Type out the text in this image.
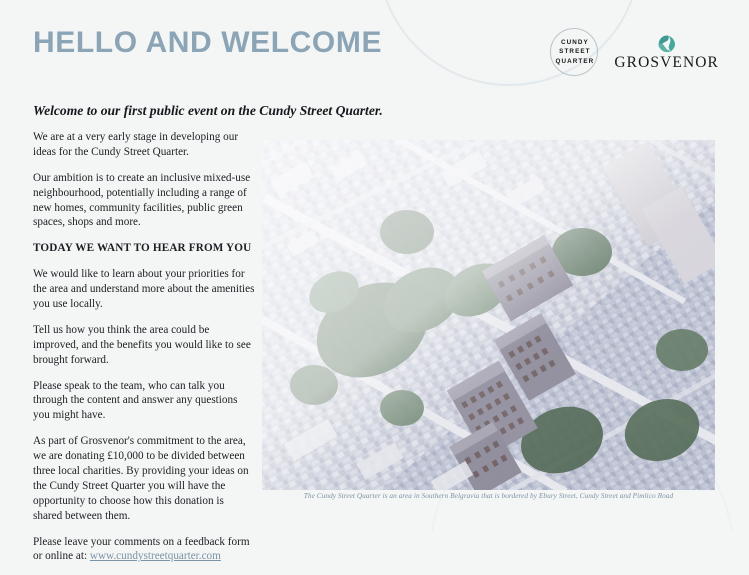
HELLO AND WELCOME	CUNDY
STREET
QUARTER GROSVENOR

Welcome to our first public event on the Cundy Street Quarter.

We are at a very early stage in developing our ideas for the Cundy Street Quarter.

Our ambition is to create an inclusive mixed-use neighbourhood, potentially including a range of new homes, community facilities, public green spaces, shops and more.

TODAY WE WANT TO HEAR FROM YOU

We would like to learn about your priorities for the area and understand more about the amenities you use locally.

Tell us how you think the area could be improved, and the benefits you would like to see brought forward.

Please speak to the team, who can talk you through the content and answer any questions you might have.

As part of Grosvenor's commitment to the area, we are donating £10,000 to be divided between three local charities. By providing your ideas on the Cundy Street Quarter you will have the opportunity to choose how this donation is shared between them.

Please leave your comments on a feedback form or online at: www.cundystreetquarter.com

The Cundy Street Quarter is an area in Southern Belgravia that is bordered by Ebury Street, Cundy Street and Pimlico Road
